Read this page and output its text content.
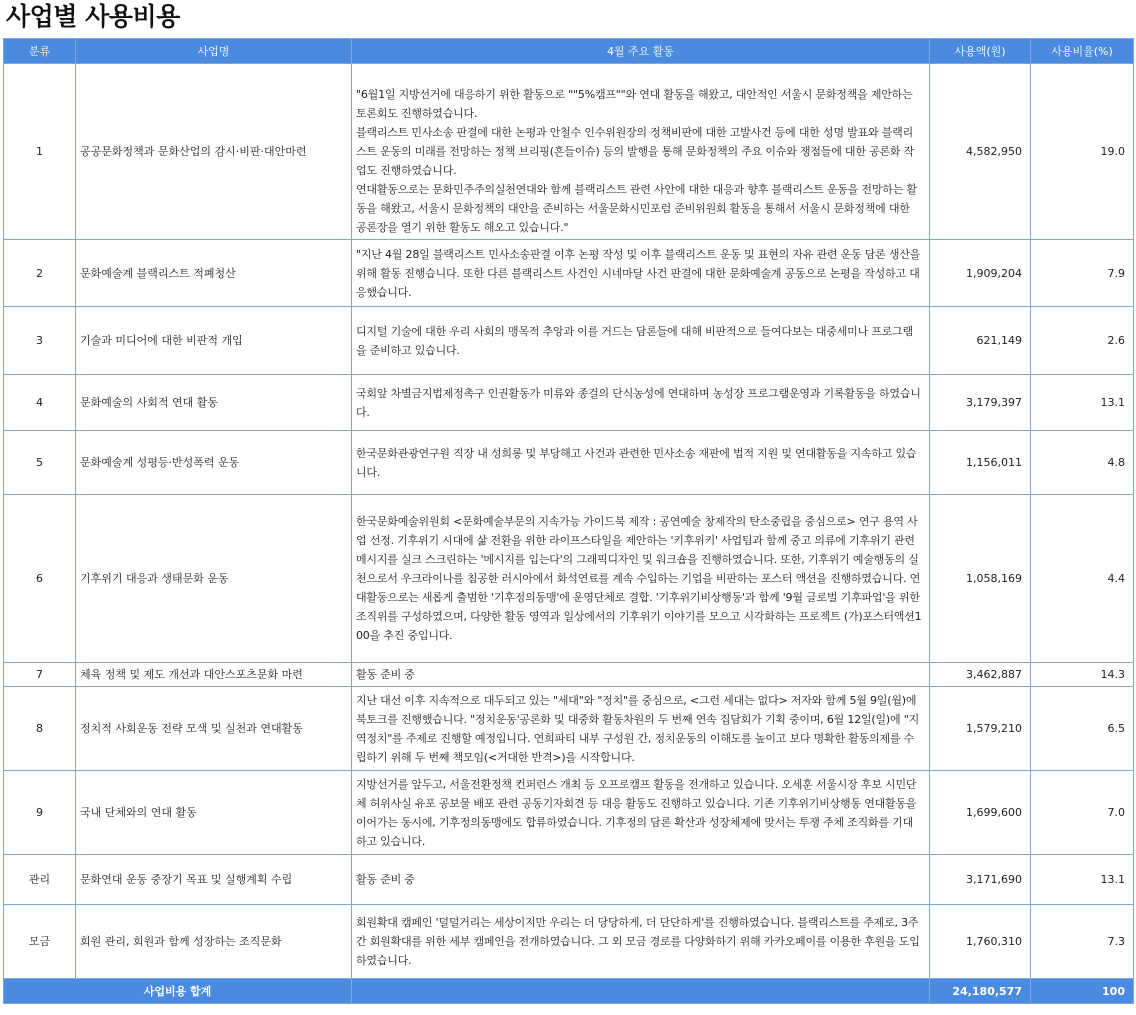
사업별 사용비용
분류	사업명	4월 주요 활동	사용액(원)	사용비율(%)
1	공공문화정책과 문화산업의 감시·비판·대안마련	"6월1일 지방선거에 대응하기 위한 활동으로 ""5%캠프""와 연대 활동을 해왔고, 대안적인 서울시 문화정책을 제안하는 토론회도 진행하였습니다.
블랙리스트 민사소송 판결에 대한 논평과 안철수 인수위원장의 정책비판에 대한 고발사건 등에 대한 성명 발표와 블랙리스트 운동의 미래를 전망하는 정책 브리핑(흔들이슈) 등의 발행을 통해 문화정책의 주요 이슈와 쟁점들에 대한 공론화 작업도 진행하였습니다.
연대활동으로는 문화민주주의실천연대와 함께 블랙리스트 관련 사안에 대한 대응과 향후 블랙리스트 운동을 전망하는 활동을 해왔고, 서울시 문화정책의 대안을 준비하는 서울문화시민포럼 준비위원회 활동을 통해서 서울시 문화정책에 대한 공론장을 열기 위한 활동도 해오고 있습니다."	4,582,950	19.0
2	문화예술계 블랙리스트 적폐청산	"지난 4월 28일 블랙리스트 민사소송판결 이후 논평 작성 및 이후 블랙리스트 운동 및 표현의 자유 관련 운동 담론 생산을 위해 활동 진행습니다. 또한 다른 블랙리스트 사건인 시네마달 사건 판결에 대한 문화예술계 공동으로 논평을 작성하고 대응했습니다.	1,909,204	7.9
3	기술과 미디어에 대한 비판적 개입	디지털 기술에 대한 우리 사회의 맹목적 추앙과 이를 거드는 담론들에 대해 비판적으로 들여다보는 대중세미나 프로그램을 준비하고 있습니다.	621,149	2.6
4	문화예술의 사회적 연대 활동	국회앞 차별금지법제정촉구 인권활동가 미류와 종걸의 단식농성에 연대하며 농성장 프로그램운영과 기록활동을 하였습니다.	3,179,397	13.1
5	문화예술계 성평등·반성폭력 운동	한국문화관광연구원 직장 내 성희롱 및 부당해고 사건과 관련한 민사소송 재판에 법적 지원 및 연대활동을 지속하고 있습니다.	1,156,011	4.8
6	기후위기 대응과 생태문화 운동	한국문화예술위원회 <문화예술부문의 지속가능 가이드북 제작 : 공연예술 창제작의 탄소중립을 중심으로> 연구 용역 사업 선정. 기후위기 시대에 삶 전환을 위한 라이프스타일을 제안하는 '키후위키' 사업팀과 함께 중고 의류에 기후위기 관련 메시지를 실크 스크린하는 '메시지를 입는다'의 그래픽디자인 및 워크숍을 진행하였습니다. 또한, 기후위기 예술행동의 실천으로서 우크라이나를 침공한 러시아에서 화석연료를 계속 수입하는 기업을 비판하는 포스터 액션을 진행하였습니다. 연대활동으로는 새롭게 출범한 '기후정의동맹'에 운영단체로 결합. '기후위기비상행동'과 함께 '9월 글로벌 기후파업'을 위한 조직위를 구성하였으며, 다양한 활동 영역과 일상에서의 기후위기 이야기를 모으고 시각화하는 프로젝트 (가)포스터액션100을 추진 중입니다.	1,058,169	4.4
7	체육 정책 및 제도 개선과 대안스포츠문화 마련	활동 준비 중	3,462,887	14.3
8	정치적 사회운동 전략 모색 및 실천과 연대활동	지난 대선 이후 지속적으로 대두되고 있는 "세대"와 "정치"를 중심으로, <그런 세대는 없다> 저자와 함께 5월 9일(월)에 북토크를 진행했습니다. "정치운동'공론화 및 대중화 활동차원의 두 번째 연속 집담회가 기획 중이며, 6월 12일(일)에 "지역정치"를 주제로 진행할 예정입니다. 연희파티 내부 구성원 간, 정치운동의 이해도를 높이고 보다 명확한 활동의제를 수립하기 위해 두 번째 책모임(<거대한 반격>)을 시작합니다.	1,579,210	6.5
9	국내 단체와의 연대 활동	지방선거를 앞두고, 서울전환정책 컨퍼런스 개최 등 오프로캠프 활동을 전개하고 있습니다. 오세훈 서울시장 후보 시민단체 허위사실 유포 공보물 배포 관련 공동기자회견 등 대응 활동도 진행하고 있습니다. 기존 기후위기비상행동 연대활동을 이어가는 동시에, 기후정의동맹에도 합류하였습니다. 기후정의 담론 확산과 성장체제에 맞서는 투쟁 주체 조직화를 기대하고 있습니다.	1,699,600	7.0
관리	문화연대 운동 중장기 목표 및 실행계획 수립	활동 준비 중	3,171,690	13.1
모금	회원 관리, 회원과 함께 성장하는 조직문화	회원확대 캠페인 '덜덜거리는 세상이지만 우리는 더 당당하게, 더 단단하게'를 진행하였습니다. 블랙리스트를 주제로, 3주간 회원확대를 위한 세부 캠페인을 전개하였습니다. 그 외 모금 경로를 다양화하기 위해 카카오페이를 이용한 후원을 도입하였습니다.	1,760,310	7.3
사업비용 합계			24,180,577	100
